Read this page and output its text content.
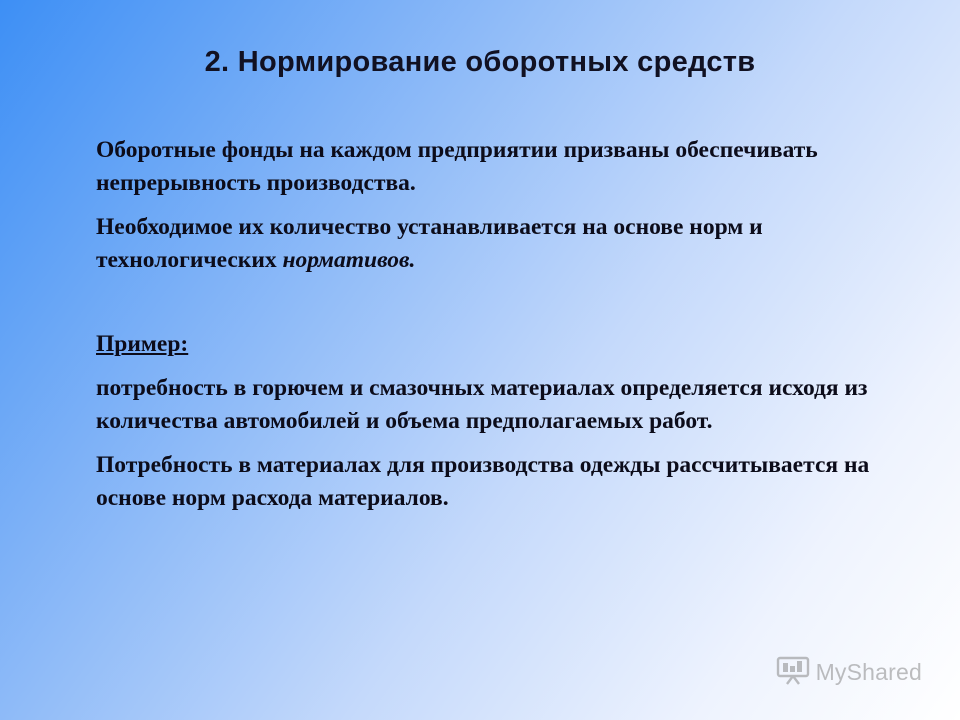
2. Нормирование оборотных средств

Оборотные фонды на каждом предприятии призваны обеспечивать непрерывность производства.

Необходимое их количество устанавливается на основе норм и технологических нормативов.

Пример:

потребность в горючем и смазочных материалах определяется исходя из количества автомобилей и объема предполагаемых работ.

Потребность в материалах для производства одежды рассчитывается на основе норм расхода материалов.

MyShared
